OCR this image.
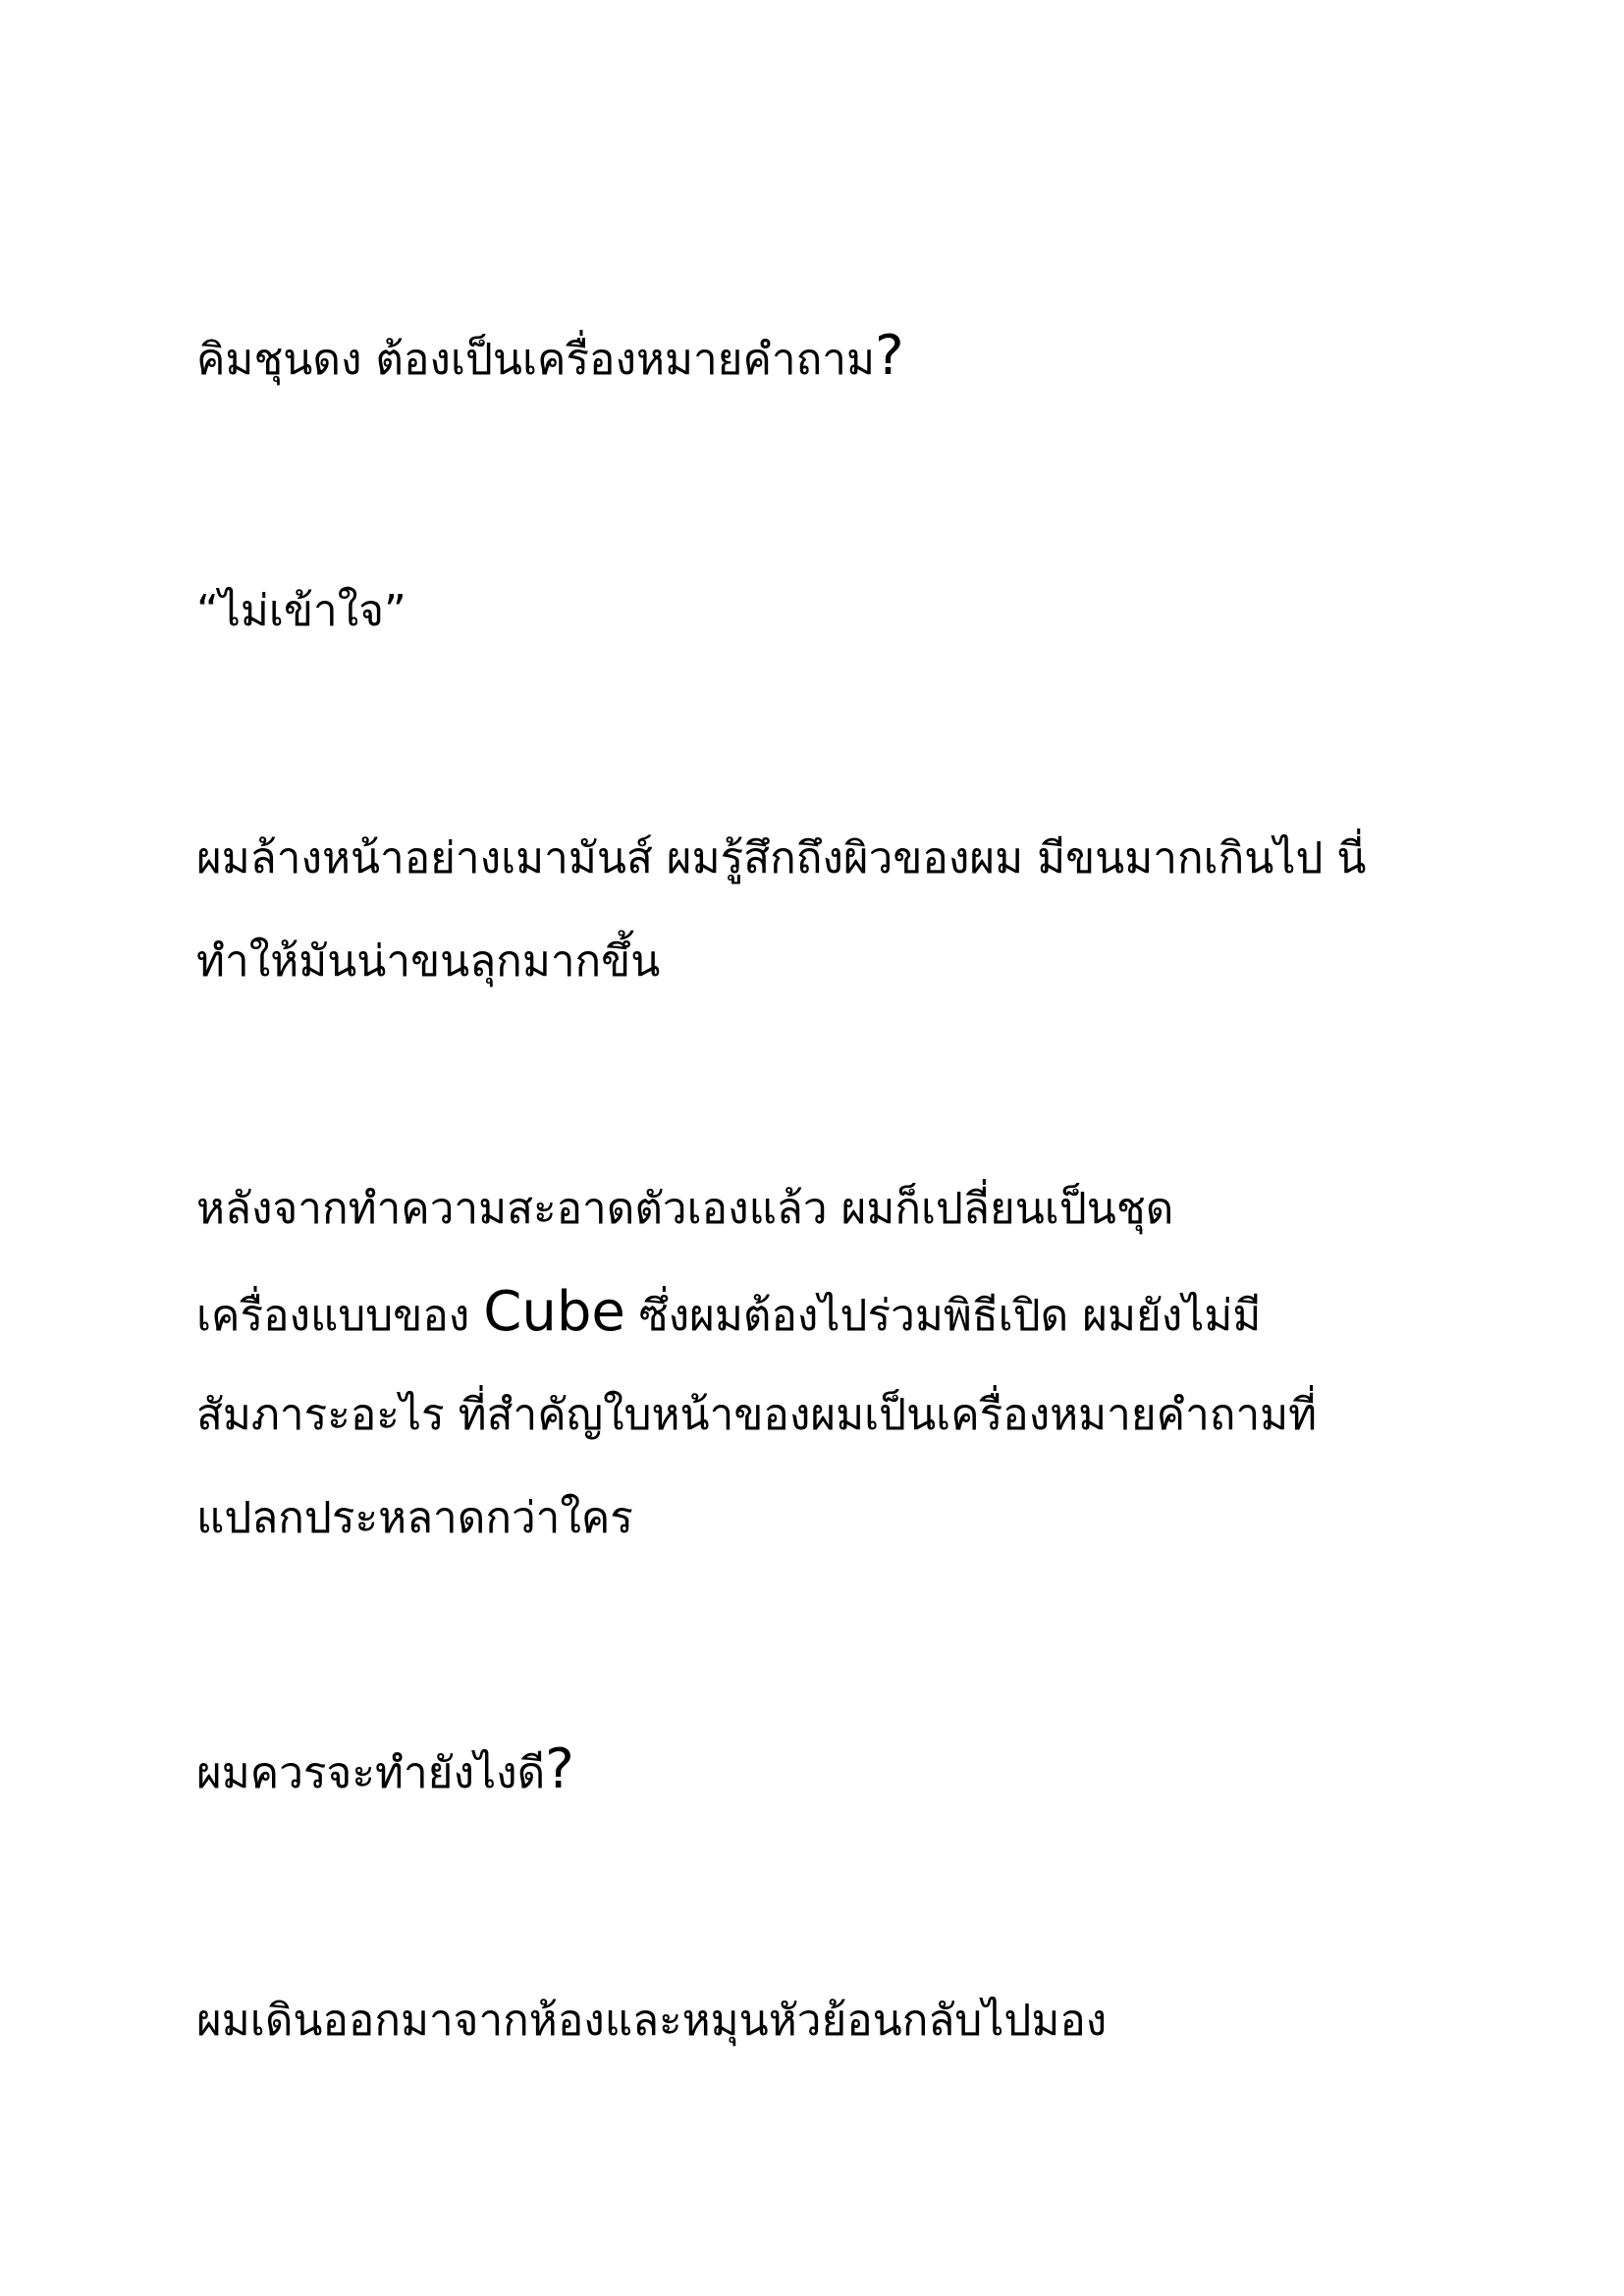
คิมชุนดง ต้องเป็นเครื่องหมายคำถาม?

“ไม่เข้าใจ”

ผมล้างหน้าอย่างเมามันส์ ผมรู้สึกถึงผิวของผม มีขนมากเกินไป นี่

ทำให้มันน่าขนลุกมากขึ้น

หลังจากทำความสะอาดตัวเองแล้ว ผมก็เปลี่ยนเป็นชุด

เครื่องแบบของ Cube ซึ่งผมต้องไปร่วมพิธีเปิด ผมยังไม่มี

สัมภาระอะไร ที่สำคัญใบหน้าของผมเป็นเครื่องหมายคำถามที่

แปลกประหลาดกว่าใคร

ผมควรจะทำยังไงดี?

ผมเดินออกมาจากห้องและหมุนหัวย้อนกลับไปมอง
